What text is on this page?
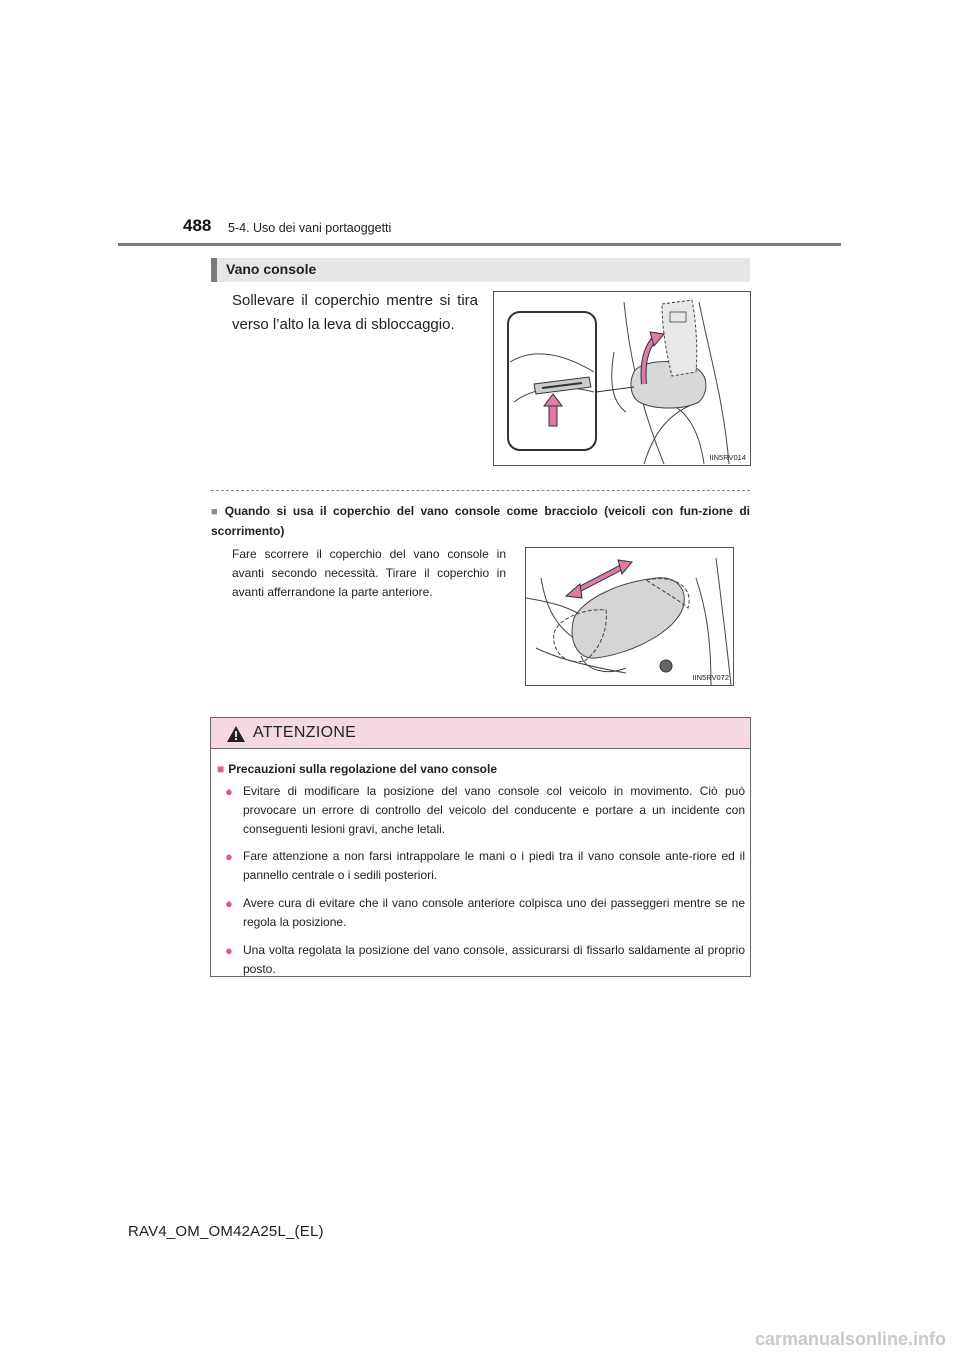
488 5-4. Uso dei vani portaoggetti
Vano console
Sollevare il coperchio mentre si tira verso l’alto la leva di sbloccaggio.
IIN5RV014
■ Quando si usa il coperchio del vano console come bracciolo (veicoli con fun-zione di scorrimento)
Fare scorrere il coperchio del vano console in avanti secondo necessità. Tirare il coperchio in avanti afferrandone la parte anteriore.
IIN5RV072
ATTENZIONE
■ Precauzioni sulla regolazione del vano console
● Evitare di modificare la posizione del vano console col veicolo in movimento. Ciò può provocare un errore di controllo del veicolo del conducente e portare a un incidente con conseguenti lesioni gravi, anche letali.
● Fare attenzione a non farsi intrappolare le mani o i piedi tra il vano console ante-riore ed il pannello centrale o i sedili posteriori.
● Avere cura di evitare che il vano console anteriore colpisca uno dei passeggeri mentre se ne regola la posizione.
● Una volta regolata la posizione del vano console, assicurarsi di fissarlo saldamente al proprio posto.
RAV4_OM_OM42A25L_(EL)
carmanualsonline.info
